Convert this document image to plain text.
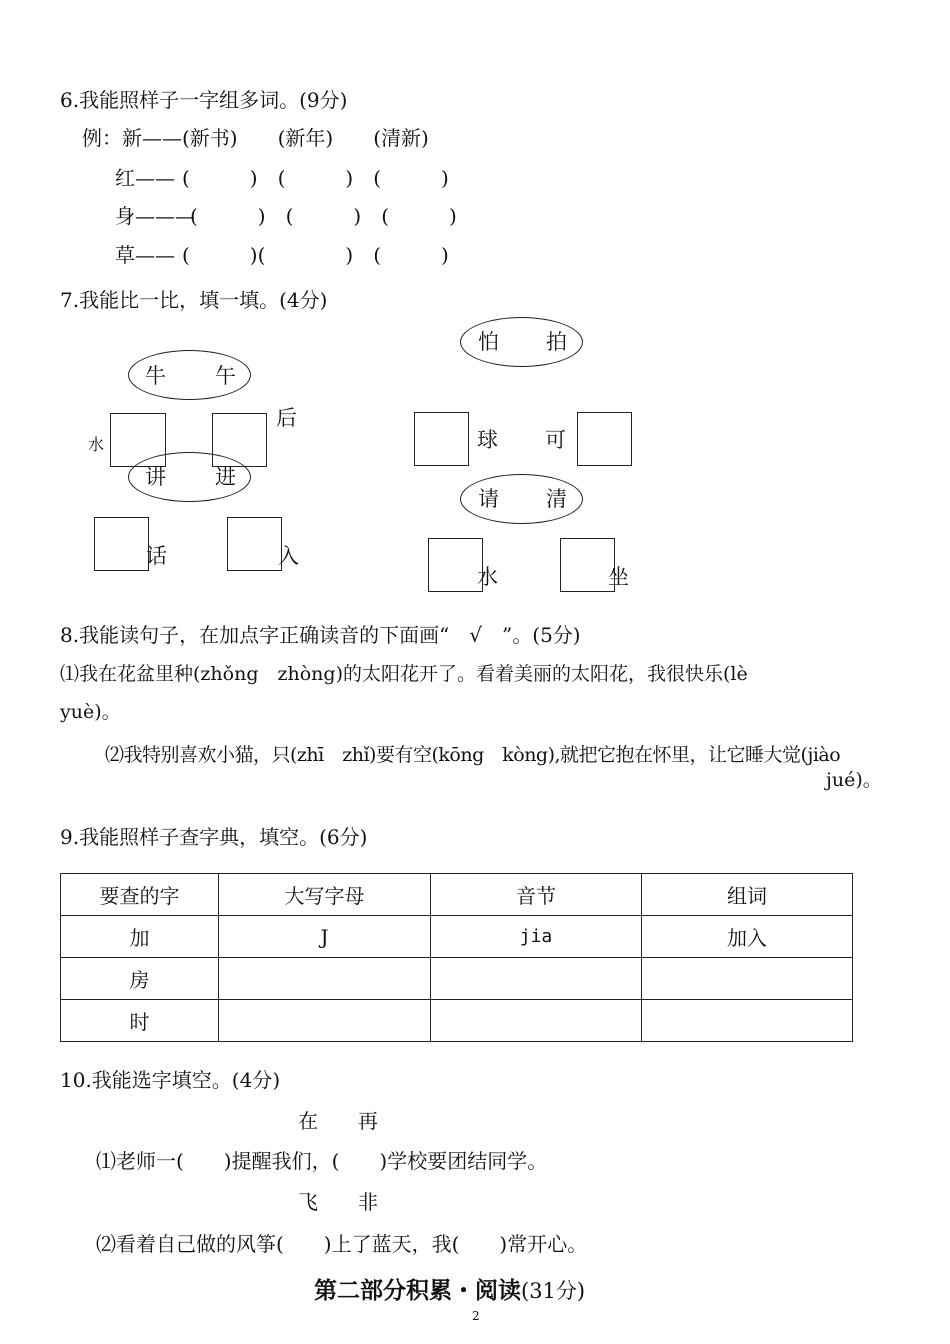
6.我能照样子一字组多词。(9分)
例：新——(新书)　　(新年)　　(清新)
红—— (　　　)　(　　　)　(　　　)
身———
(　　　)　(　　　)　(　　　)
草—— (　　　)(　　　　)　(　　　)
7.我能比一比，填一填。(4分)
牛 午
水
后
讲 进
话	入
怕 拍
球 可
请 清
水	坐
8.我能读句子，在加点字正确读音的下面画“　√　”。(5分)
⑴我在花盆里种(zhǒng　zhòng)的太阳花开了。看着美丽的太阳花，我很快乐(lè
yuè)。
⑵我特别喜欢小猫，只(zhī　zhǐ)要有空(kōng　kòng),就把它抱在怀里，让它睡大觉(jiào
jué)。
9.我能照样子查字典，填空。(6分)
要查的字	大写字母	音节	组词
加	J	jia	加入
房			
时			
10.我能选字填空。(4分)
在　　再
⑴老师一(　　)提醒我们，(　　)学校要团结同学。
飞　　非
⑵看着自己做的风筝(　　)上了蓝天，我(　　)常开心。
第二部分积累・阅读(31分)
2
